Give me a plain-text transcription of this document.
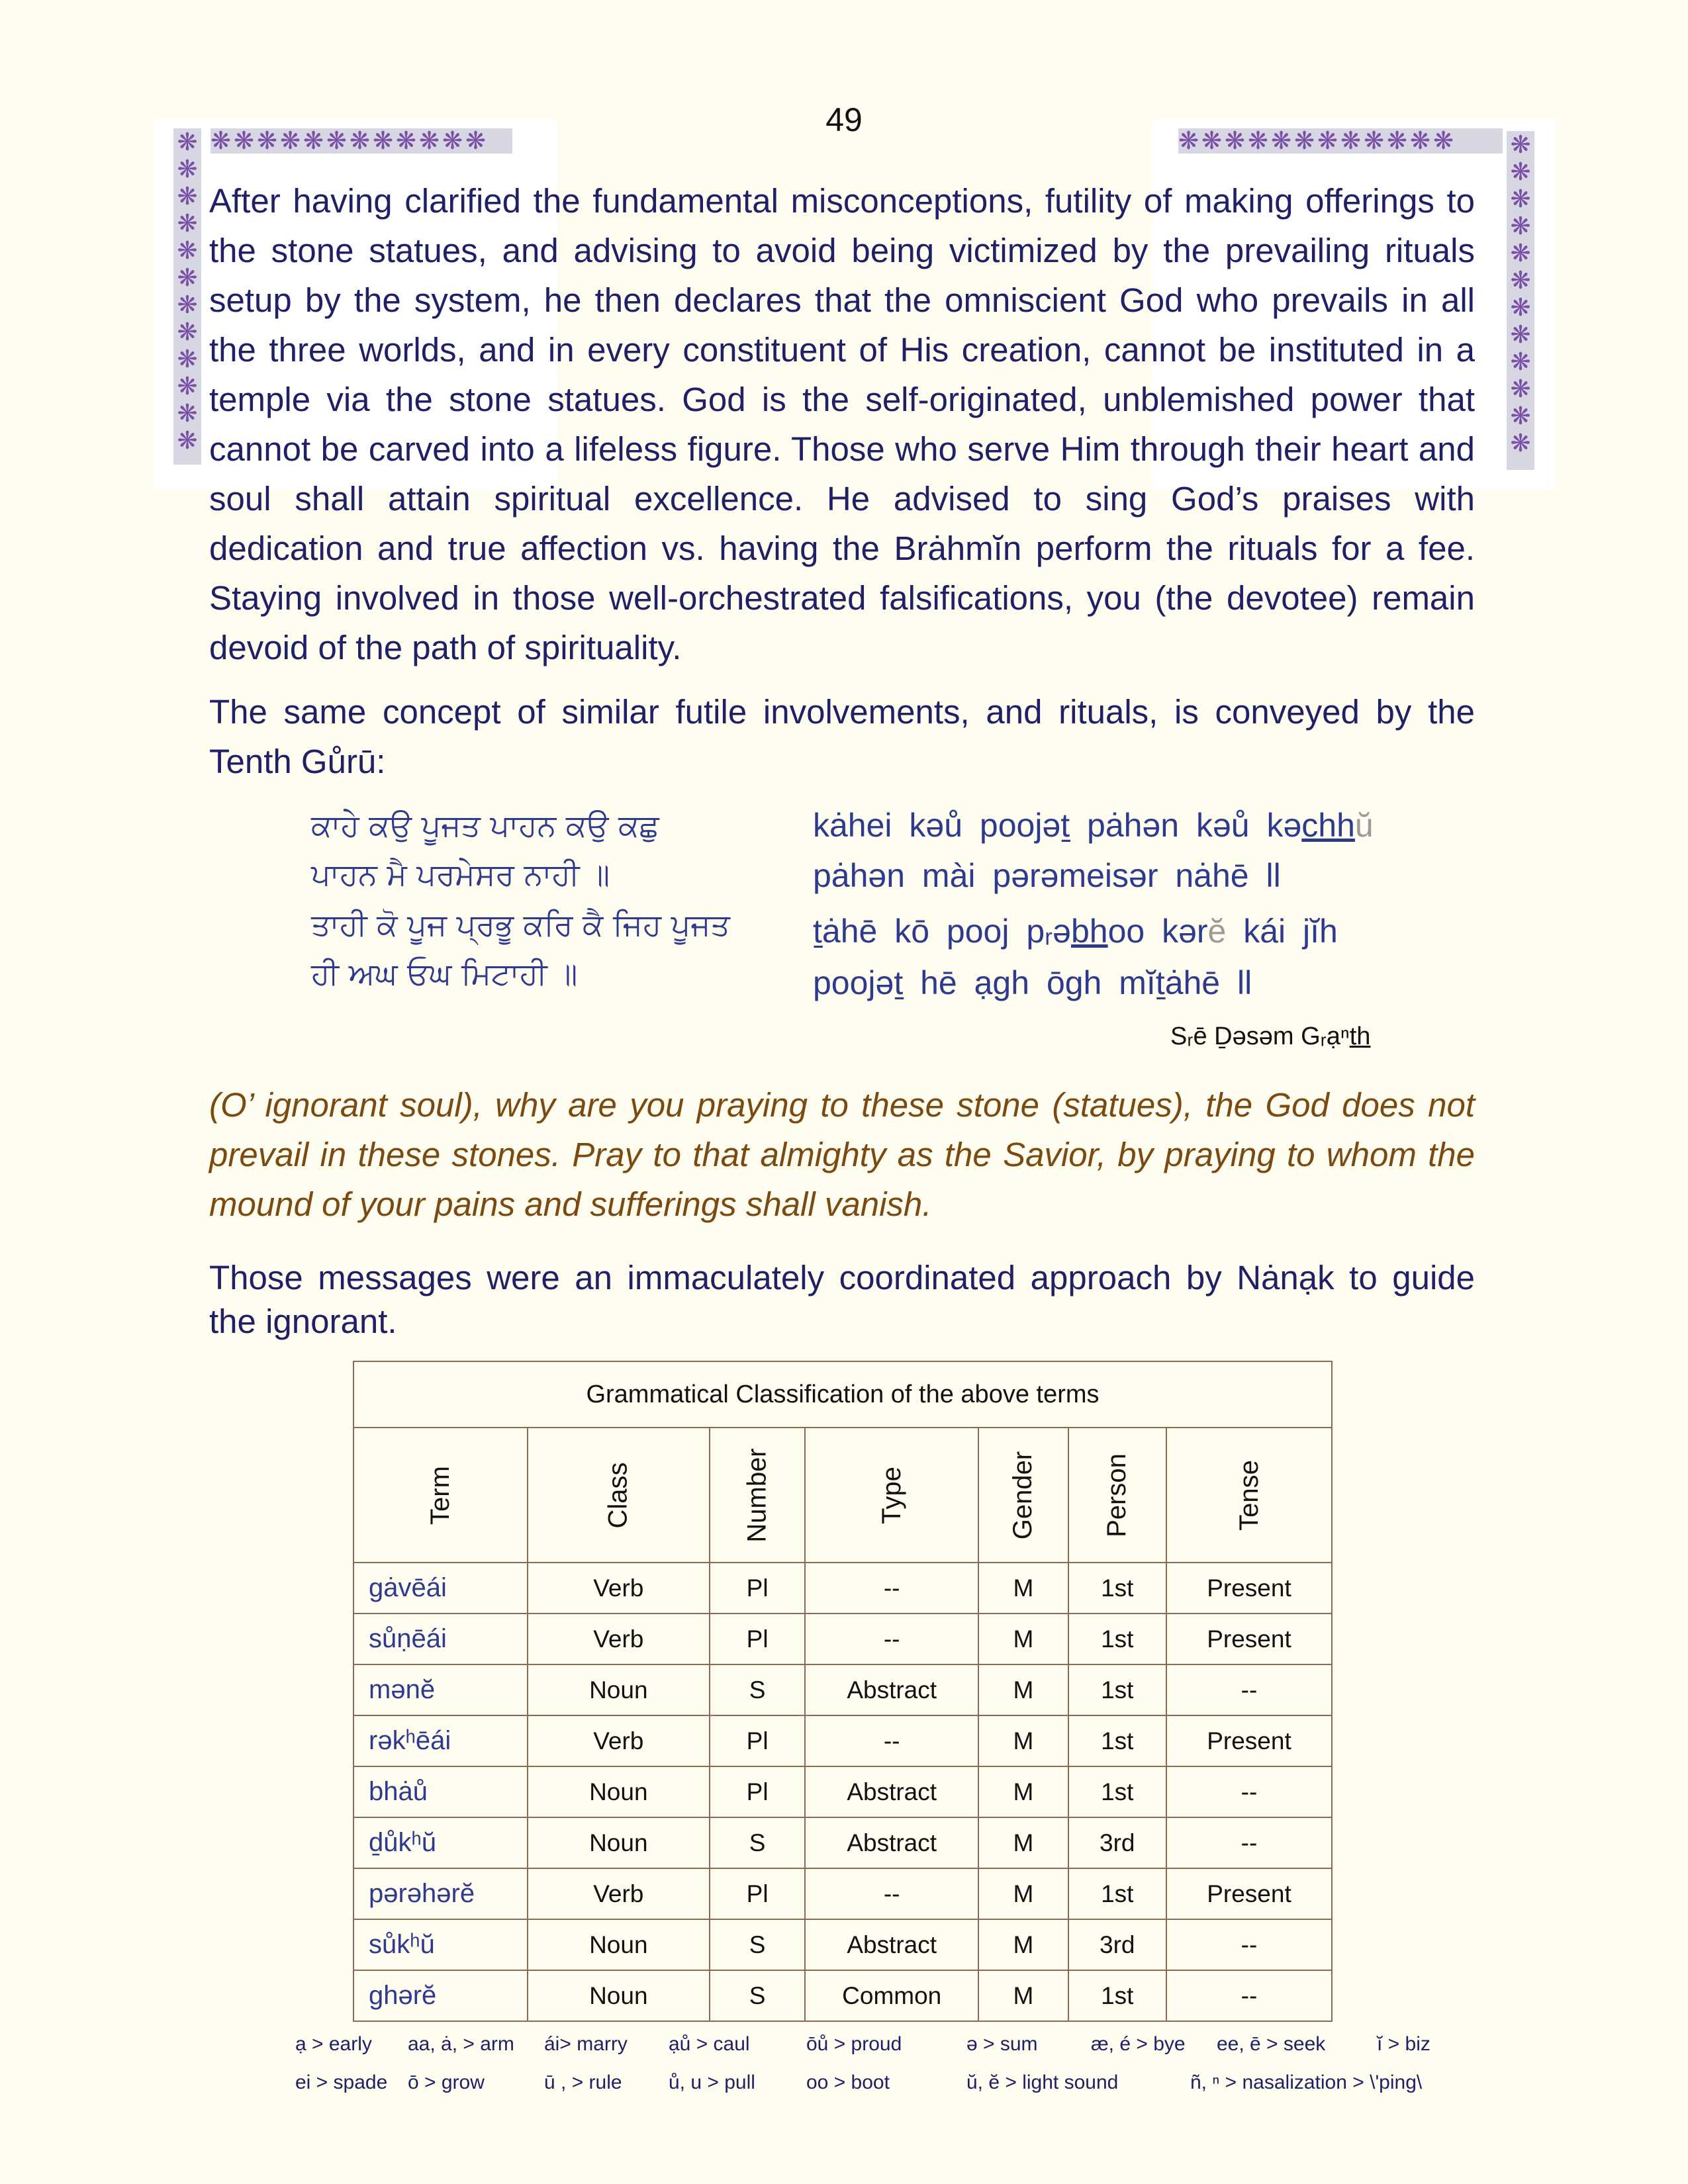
49
❋❋❋❋❋❋❋❋❋❋❋❋
❋
❋
❋
❋
❋
❋
❋
❋
❋
❋
❋
❋
❋❋❋❋❋❋❋❋❋❋❋❋	❋
❋
❋
❋
❋
❋
❋
❋
❋
❋
❋
❋
After having clarified the fundamental misconceptions, futility of making offerings to the stone statues, and advising to avoid being victimized by the prevailing rituals setup by the system, he then declares that the omniscient God who prevails in all the three worlds, and in every constituent of His creation, cannot be instituted in a temple via the stone statues. God is the self-originated, unblemished power that cannot be carved into a lifeless figure. Those who serve Him through their heart and soul shall attain spiritual excellence. He advised to sing God’s praises with dedication and true affection vs. having the Brȧhmĭn perform the rituals for a fee. Staying involved in those well-orchestrated falsifications, you (the devotee) remain devoid of the path of spirituality.
The same concept of similar futile involvements, and rituals, is conveyed by the Tenth Gůrū:
ਕਾਹੇ ਕਉ ਪੂਜਤ ਪਾਹਨ ਕਉ ਕਛੁ
ਪਾਹਨ ਮੈ ਪਰਮੇਸਰ ਨਾਹੀ ॥
ਤਾਹੀ ਕੋ ਪੂਜ ਪ੍ਰਭੂ ਕਰਿ ਕੈ ਜਿਹ ਪੂਜਤ
ਹੀ ਅਘ ਓਘ ਮਿਟਾਹੀ ॥
kȧhei kəů poojəṯ pȧhən kəů kəchhŭ
pȧhən mài pərəmeisər nȧhē ll
ṯȧhē kō pooj pᵣəbhoo kərĕ kái jĭh
poojəṯ hē ạgh ōgh mĭṯȧhē ll
Sᵣē Ḏəsəm Gᵣạⁿth
(O’ ignorant soul), why are you praying to these stone (statues), the God does not prevail in these stones. Pray to that almighty as the Savior, by praying to whom the mound of your pains and sufferings shall vanish.
Those messages were an immaculately coordinated approach by Nȧnạk to guide the ignorant.
Grammatical Classification of the above terms						
Term	Class	Number	Type	Gender	Person	Tense
gȧvēái	Verb	Pl	--	M	1st	Present
sůṇēái	Verb	Pl	--	M	1st	Present
mənĕ	Noun	S	Abstract	M	1st	--
rəkʰēái	Verb	Pl	--	M	1st	Present
bhȧů	Noun	Pl	Abstract	M	1st	--
ḏůkʰŭ	Noun	S	Abstract	M	3rd	--
pərəhərĕ	Verb	Pl	--	M	1st	Present
sůkʰŭ	Noun	S	Abstract	M	3rd	--
ghərĕ	Noun	S	Common	M	1st	--
ạ > early aa, ȧ, > arm ái> marry ạů > caul	ōů > proud	ə > sum	æ, é > bye ee, ē > seek	ĭ > biz
ei > spade ō > grow	ū , > rule ů, u > pull	oo > boot	ŭ, ĕ > light sound	ñ, ⁿ > nasalization > \'ping\
